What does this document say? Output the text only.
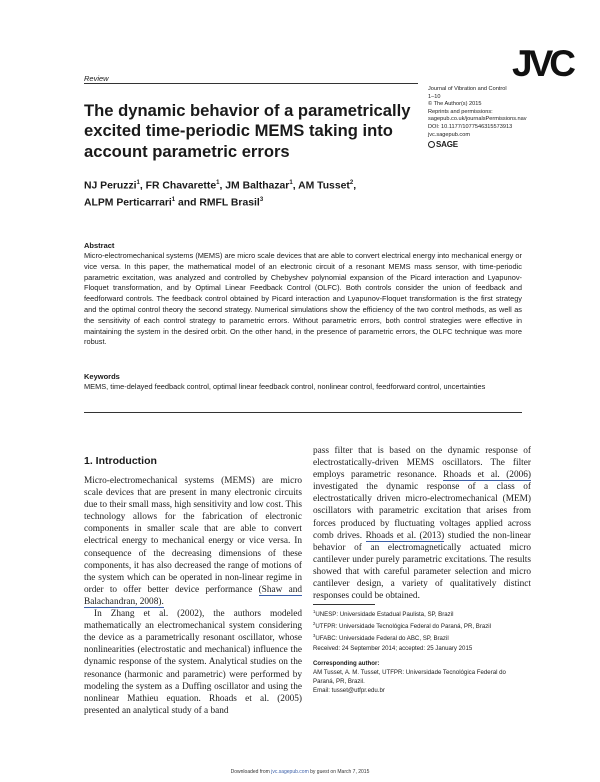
JVC
Review
Journal of Vibration and Control
1–10
© The Author(s) 2015
Reprints and permissions:
sagepub.co.uk/journalsPermissions.nav
DOI: 10.1177/1077546315573913
jvc.sagepub.com
SAGE
The dynamic behavior of a parametrically excited time-periodic MEMS taking into account parametric errors
NJ Peruzzi$^1$, FR Chavarette$^1$, JM Balthazar$^1$, AM Tusset$^2$,
ALPM Perticarrari$^1$ and RMFL Brasil$^3$
Abstract
Micro-electromechanical systems (MEMS) are micro scale devices that are able to convert electrical energy into mechanical energy or vice versa. In this paper, the mathematical model of an electronic circuit of a resonant MEMS mass sensor, with time-periodic parametric excitation, was analyzed and controlled by Chebyshev polynomial expansion of the Picard interaction and Lyapunov-Floquet transformation, and by Optimal Linear Feedback Control (OLFC). Both controls consider the union of feedback and feedforward controls. The feedback control obtained by Picard interaction and Lyapunov-Floquet transformation is the first strategy and the optimal control theory the second strategy. Numerical simulations show the efficiency of the two control methods, as well as the sensitivity of each control strategy to parametric errors. Without parametric errors, both control strategies were effective in maintaining the system in the desired orbit. On the other hand, in the presence of parametric errors, the OLFC technique was more robust.
Keywords
MEMS, time-delayed feedback control, optimal linear feedback control, nonlinear control, feedforward control, uncertainties
1. Introduction

Micro-electromechanical systems (MEMS) are micro scale devices that are present in many electronic circuits due to their small mass, high sensitivity and low cost. This technology allows for the fabrication of electronic components in smaller scale that are able to convert electrical energy to mechanical energy or vice versa. In consequence of the decreasing dimensions of these components, it has also decreased the range of motions of the system which can be operated in non-linear regime in order to offer better device performance (Shaw and Balachandran, 2008).

In Zhang et al. (2002), the authors modeled mathematically an electromechanical system considering the device as a parametrically resonant oscillator, whose nonlinearities (electrostatic and mechanical) influence the dynamic response of the system. Analytical studies on the resonance (harmonic and parametric) were performed by modeling the system as a Duffing oscillator and using the nonlinear Mathieu equation. Rhoads et al. (2005) presented an analytical study of a band

pass filter that is based on the dynamic response of electrostatically-driven MEMS oscillators. The filter employs parametric resonance. Rhoads et al. (2006) investigated the dynamic response of a class of electrostatically driven micro-electromechanical (MEM) oscillators with parametric excitation that arises from forces produced by fluctuating voltages applied across comb drives. Rhoads et al. (2013) studied the non-linear behavior of an electromagnetically actuated micro cantilever under purely parametric excitations. The results showed that with careful parameter selection and micro cantilever design, a variety of qualitatively distinct responses could be obtained.

$^1$UNESP: Universidade Estadual Paulista, SP, Brazil
$^2$UTFPR: Universidade Tecnológica Federal do Paraná, PR, Brazil
$^3$UFABC: Universidade Federal do ABC, SP, Brazil
Received: 24 September 2014; accepted: 25 January 2015
Corresponding author:
AM Tusset, A. M. Tusset, UTFPR: Universidade Tecnológica Federal do Paraná, PR, Brazil.
Email: tusset@utfpr.edu.br
Downloaded from jvc.sagepub.com by guest on March 7, 2015
